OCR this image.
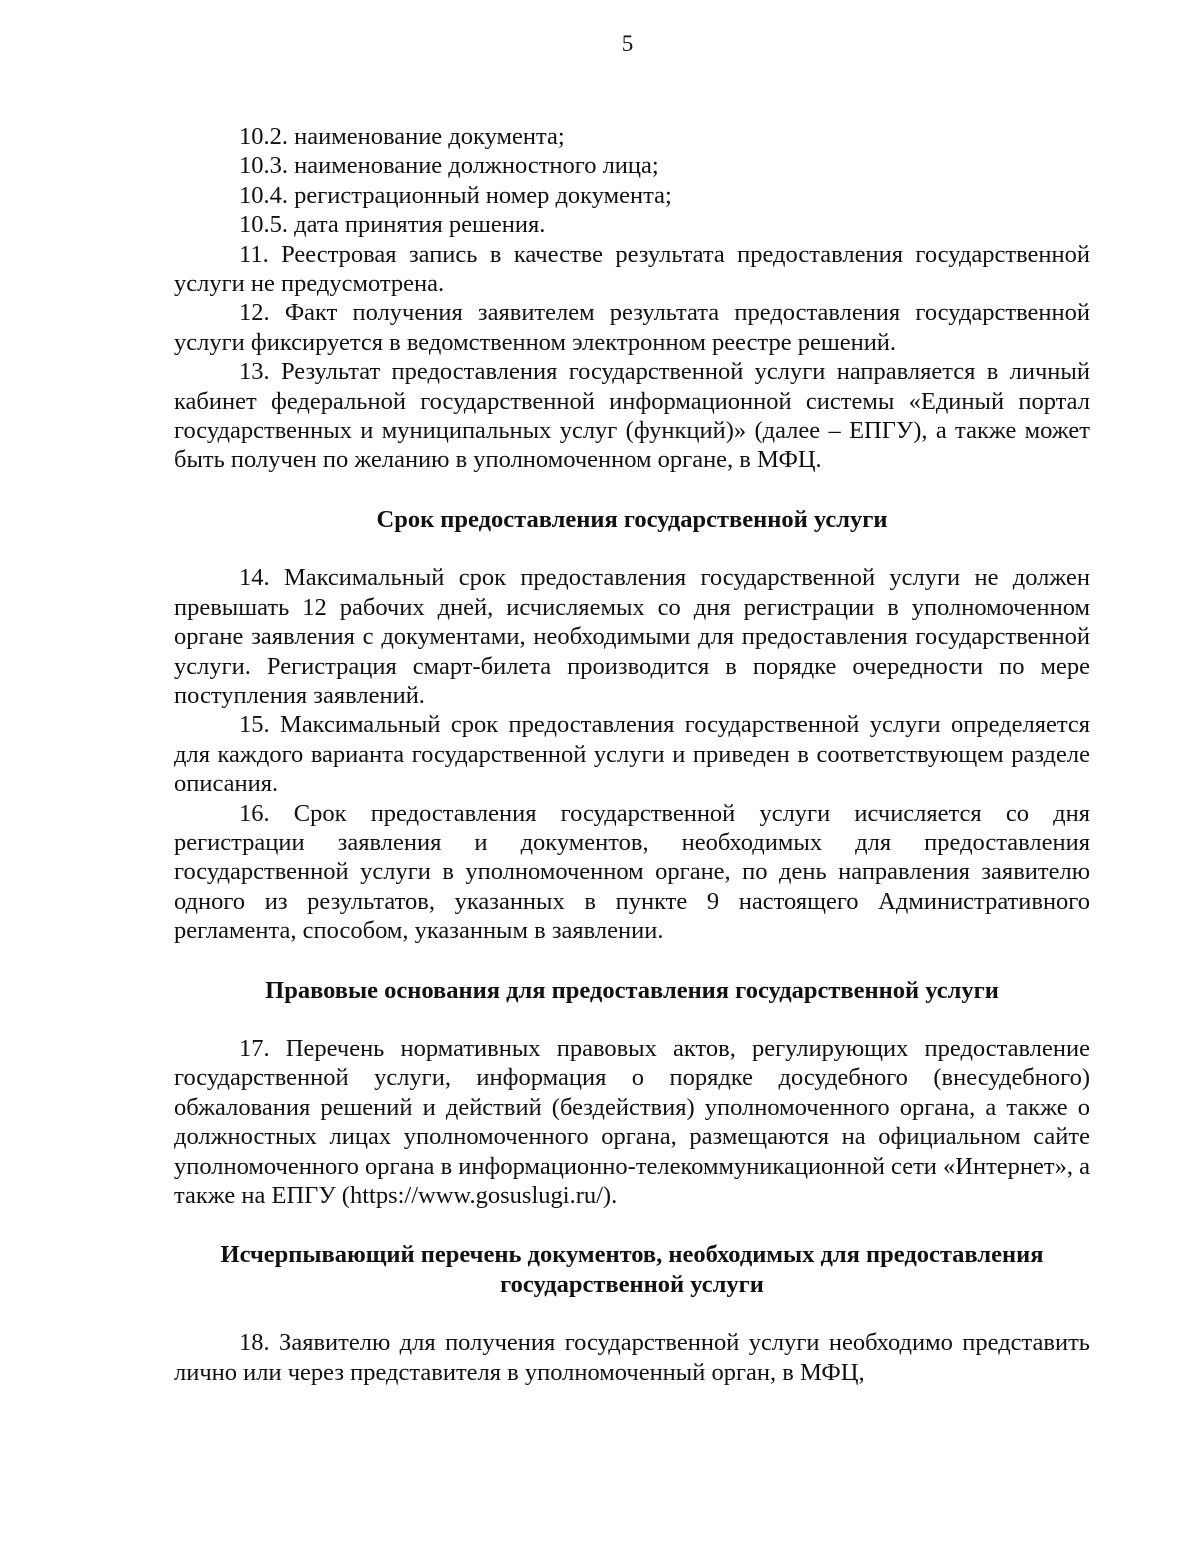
5

10.2. наименование документа;

10.3. наименование должностного лица;

10.4. регистрационный номер документа;

10.5. дата принятия решения.

11. Реестровая запись в качестве результата предоставления государственной услуги не предусмотрена.

12. Факт получения заявителем результата предоставления государственной услуги фиксируется в ведомственном электронном реестре решений.

13. Результат предоставления государственной услуги направляется в личный кабинет федеральной государственной информационной системы «Единый портал государственных и муниципальных услуг (функций)» (далее – ЕПГУ), а также может быть получен по желанию в уполномоченном органе, в МФЦ.

Срок предоставления государственной услуги

14. Максимальный срок предоставления государственной услуги не должен превышать 12 рабочих дней, исчисляемых со дня регистрации в уполномоченном органе заявления с документами, необходимыми для предоставления государственной услуги. Регистрация смарт-билета производится в порядке очередности по мере поступления заявлений.

15. Максимальный срок предоставления государственной услуги определяется для каждого варианта государственной услуги и приведен в соответствующем разделе описания.

16. Срок предоставления государственной услуги исчисляется со дня регистрации заявления и документов, необходимых для предоставления государственной услуги в уполномоченном органе, по день направления заявителю одного из результатов, указанных в пункте 9 настоящего Административного регламента, способом, указанным в заявлении.

Правовые основания для предоставления государственной услуги

17. Перечень нормативных правовых актов, регулирующих предоставление государственной услуги, информация о порядке досудебного (внесудебного) обжалования решений и действий (бездействия) уполномоченного органа, а также о должностных лицах уполномоченного органа, размещаются на официальном сайте уполномоченного органа в информационно-телекоммуникационной сети «Интернет», а также на ЕПГУ (https://www.gosuslugi.ru/).

Исчерпывающий перечень документов, необходимых для предоставления

государственной услуги

18. Заявителю для получения государственной услуги необходимо представить лично или через представителя в уполномоченный орган, в МФЦ,
